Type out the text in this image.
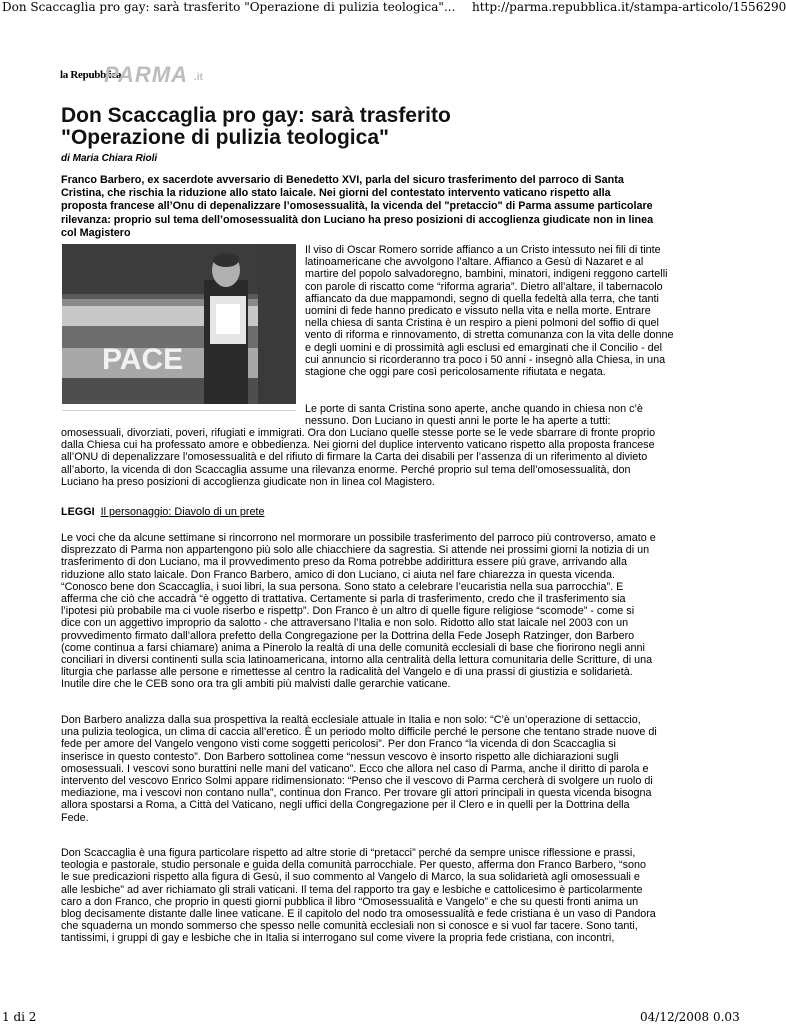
Don Scaccaglia pro gay: sarà trasferito "Operazione di pulizia teologica"... http://parma.repubblica.it/stampa-articolo/1556290
la Repubblica
PARMA .it
Don Scaccaglia pro gay: sarà trasferito
"Operazione di pulizia teologica"
di Maria Chiara Rioli
Franco Barbero, ex sacerdote avversario di Benedetto XVI, parla del sicuro trasferimento del parroco di Santa
Cristina, che rischia la riduzione allo stato laicale. Nei giorni del contestato intervento vaticano rispetto alla
proposta francese all’Onu di depenalizzare l’omosessualità, la vicenda del "pretaccio" di Parma assume particolare
rilevanza: proprio sul tema dell’omosessualità don Luciano ha preso posizioni di accoglienza giudicate non in linea
col Magistero
PACE
Il viso di Oscar Romero sorride affianco a un Cristo intessuto nei fili di tinte
latinoamericane che avvolgono l’altare. Affianco a Gesù di Nazaret e al
martire del popolo salvadoregno, bambini, minatori, indigeni reggono cartelli
con parole di riscatto come “riforma agraria”. Dietro all’altare, il tabernacolo
affiancato da due mappamondi, segno di quella fedeltà alla terra, che tanti
uomini di fede hanno predicato e vissuto nella vita e nella morte. Entrare
nella chiesa di santa Cristina è un respiro a pieni polmoni del soffio di quel
vento di riforma e rinnovamento, di stretta comunanza con la vita delle donne
e degli uomini e di prossimità agli esclusi ed emarginati che il Concilio - del
cui annuncio si ricorderanno tra poco i 50 anni - insegnò alla Chiesa, in una
stagione che oggi pare così pericolosamente rifiutata e negata.
Le porte di santa Cristina sono aperte, anche quando in chiesa non c’è
nessuno. Don Luciano in questi anni le porte le ha aperte a tutti:
omosessuali, divorziati, poveri, rifugiati e immigrati. Ora don Luciano quelle stesse porte se le vede sbarrare di fronte proprio
dalla Chiesa cui ha professato amore e obbedienza. Nei giorni del duplice intervento vaticano rispetto alla proposta francese
all’ONU di depenalizzare l’omosessualità e del rifiuto di firmare la Carta dei disabili per l’assenza di un riferimento al divieto
all’aborto, la vicenda di don Scaccaglia assume una rilevanza enorme. Perché proprio sul tema dell’omosessualità, don
Luciano ha preso posizioni di accoglienza giudicate non in linea col Magistero.
LEGGI Il personaggio: Diavolo di un prete
Le voci che da alcune settimane si rincorrono nel mormorare un possibile trasferimento del parroco più controverso, amato e
disprezzato di Parma non appartengono più solo alle chiacchiere da sagrestia. Si attende nei prossimi giorni la notizia di un
trasferimento di don Luciano, ma il provvedimento preso da Roma potrebbe addirittura essere più grave, arrivando alla
riduzione allo stato laicale. Don Franco Barbero, amico di don Luciano, ci aiuta nel fare chiarezza in questa vicenda.
“Conosco bene don Scaccaglia, i suoi libri, la sua persona. Sono stato a celebrare l’eucaristia nella sua parrocchia”. E
afferma che ciò che accadrà “è oggetto di trattativa. Certamente si parla di trasferimento, credo che il trasferimento sia
l’ipotesi più probabile ma ci vuole riserbo e rispettp”. Don Franco è un altro di quelle figure religiose “scomode” - come si
dice con un aggettivo improprio da salotto - che attraversano l’Italia e non solo. Ridotto allo stat laicale nel 2003 con un
provvedimento firmato dall’allora prefetto della Congregazione per la Dottrina della Fede Joseph Ratzinger, don Barbero
(come continua a farsi chiamare) anima a Pinerolo la realtà di una delle comunità ecclesiali di base che fiorirono negli anni
conciliari in diversi continenti sulla scia latinoamericana, intorno alla centralità della lettura comunitaria delle Scritture, di una
liturgia che parlasse alle persone e rimettesse al centro la radicalità del Vangelo e di una prassi di giustizia e solidarietà.
Inutile dire che le CEB sono ora tra gli ambiti più malvisti dalle gerarchie vaticane.
Don Barbero analizza dalla sua prospettiva la realtà ecclesiale attuale in Italia e non solo: “C’è un’operazione di settaccio,
una pulizia teologica, un clima di caccia all’eretico. È un periodo molto difficile perché le persone che tentano strade nuove di
fede per amore del Vangelo vengono visti come soggetti pericolosi”. Per don Franco “la vicenda di don Scaccaglia si
inserisce in questo contesto”. Don Barbero sottolinea come “nessun vescovo è insorto rispetto alle dichiarazioni sugli
omosessuali. I vescovi sono burattini nelle mani del vaticano”. Ecco che allora nel caso di Parma, anche il diritto di parola e
intervento del vescovo Enrico Solmi appare ridimensionato: “Penso che il vescovo di Parma cercherà di svolgere un ruolo di
mediazione, ma i vescovi non contano nulla”, continua don Franco. Per trovare gli attori principali in questa vicenda bisogna
allora spostarsi a Roma, a Città del Vaticano, negli uffici della Congregazione per il Clero e in quelli per la Dottrina della
Fede.
Don Scaccaglia è una figura particolare rispetto ad altre storie di “pretacci” perché da sempre unisce riflessione e prassi,
teologia e pastorale, studio personale e guida della comunità parrocchiale. Per questo, afferma don Franco Barbero, “sono
le sue predicazioni rispetto alla figura di Gesù, il suo commento al Vangelo di Marco, la sua solidarietà agli omosessuali e
alle lesbiche” ad aver richiamato gli strali vaticani. Il tema del rapporto tra gay e lesbiche e cattolicesimo è particolarmente
caro a don Franco, che proprio in questi giorni pubblica il libro “Omosessualità e Vangelo” e che su questi fronti anima un
blog decisamente distante dalle linee vaticane. E il capitolo del nodo tra omosessualità e fede cristiana è un vaso di Pandora
che squaderna un mondo sommerso che spesso nelle comunità ecclesiali non si conosce e si vuol far tacere. Sono tanti,
tantissimi, i gruppi di gay e lesbiche che in Italia si interrogano sul come vivere la propria fede cristiana, con incontri,
1 di 2	04/12/2008 0.03
